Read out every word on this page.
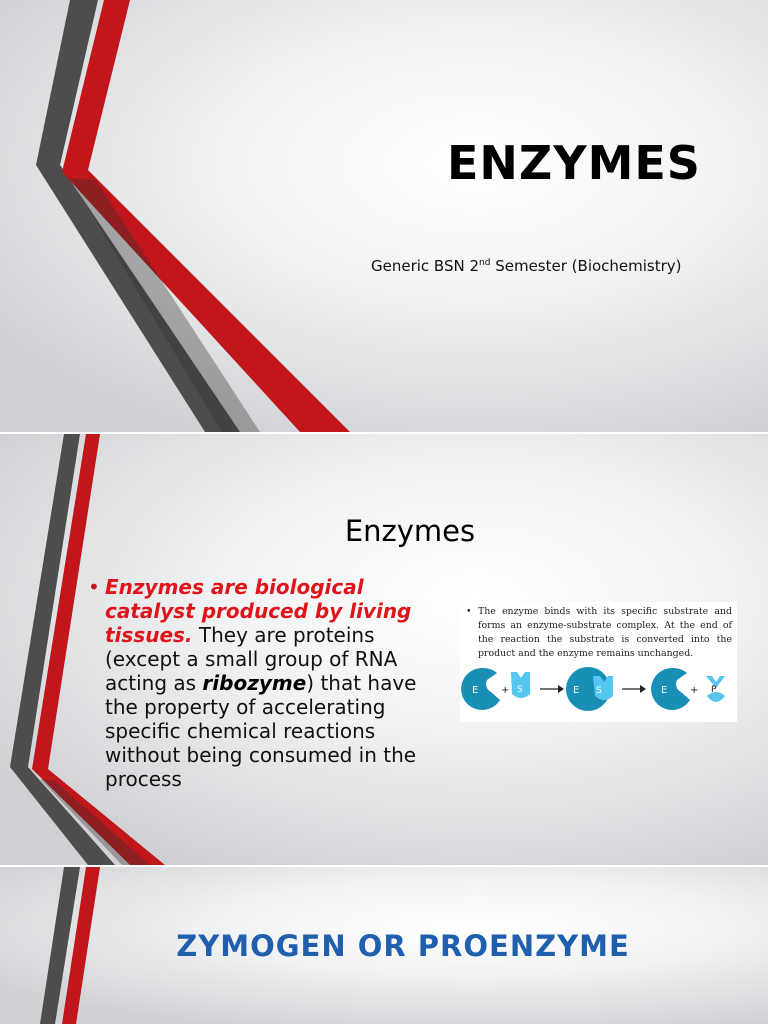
ENZYMES
Generic BSN 2nd Semester (Biochemistry)
Enzymes
• Enzymes are biological catalyst produced by living tissues. They are proteins (except a small group of RNA acting as ribozyme) that have the property of accelerating specific chemical reactions without being consumed in the process
• The enzyme binds with its specific substrate and forms an enzyme-substrate complex. At the end of the reaction the substrate is converted into the product and the enzyme remains unchanged.
E + S	E S	E + P
ZYMOGEN OR PROENZYME
